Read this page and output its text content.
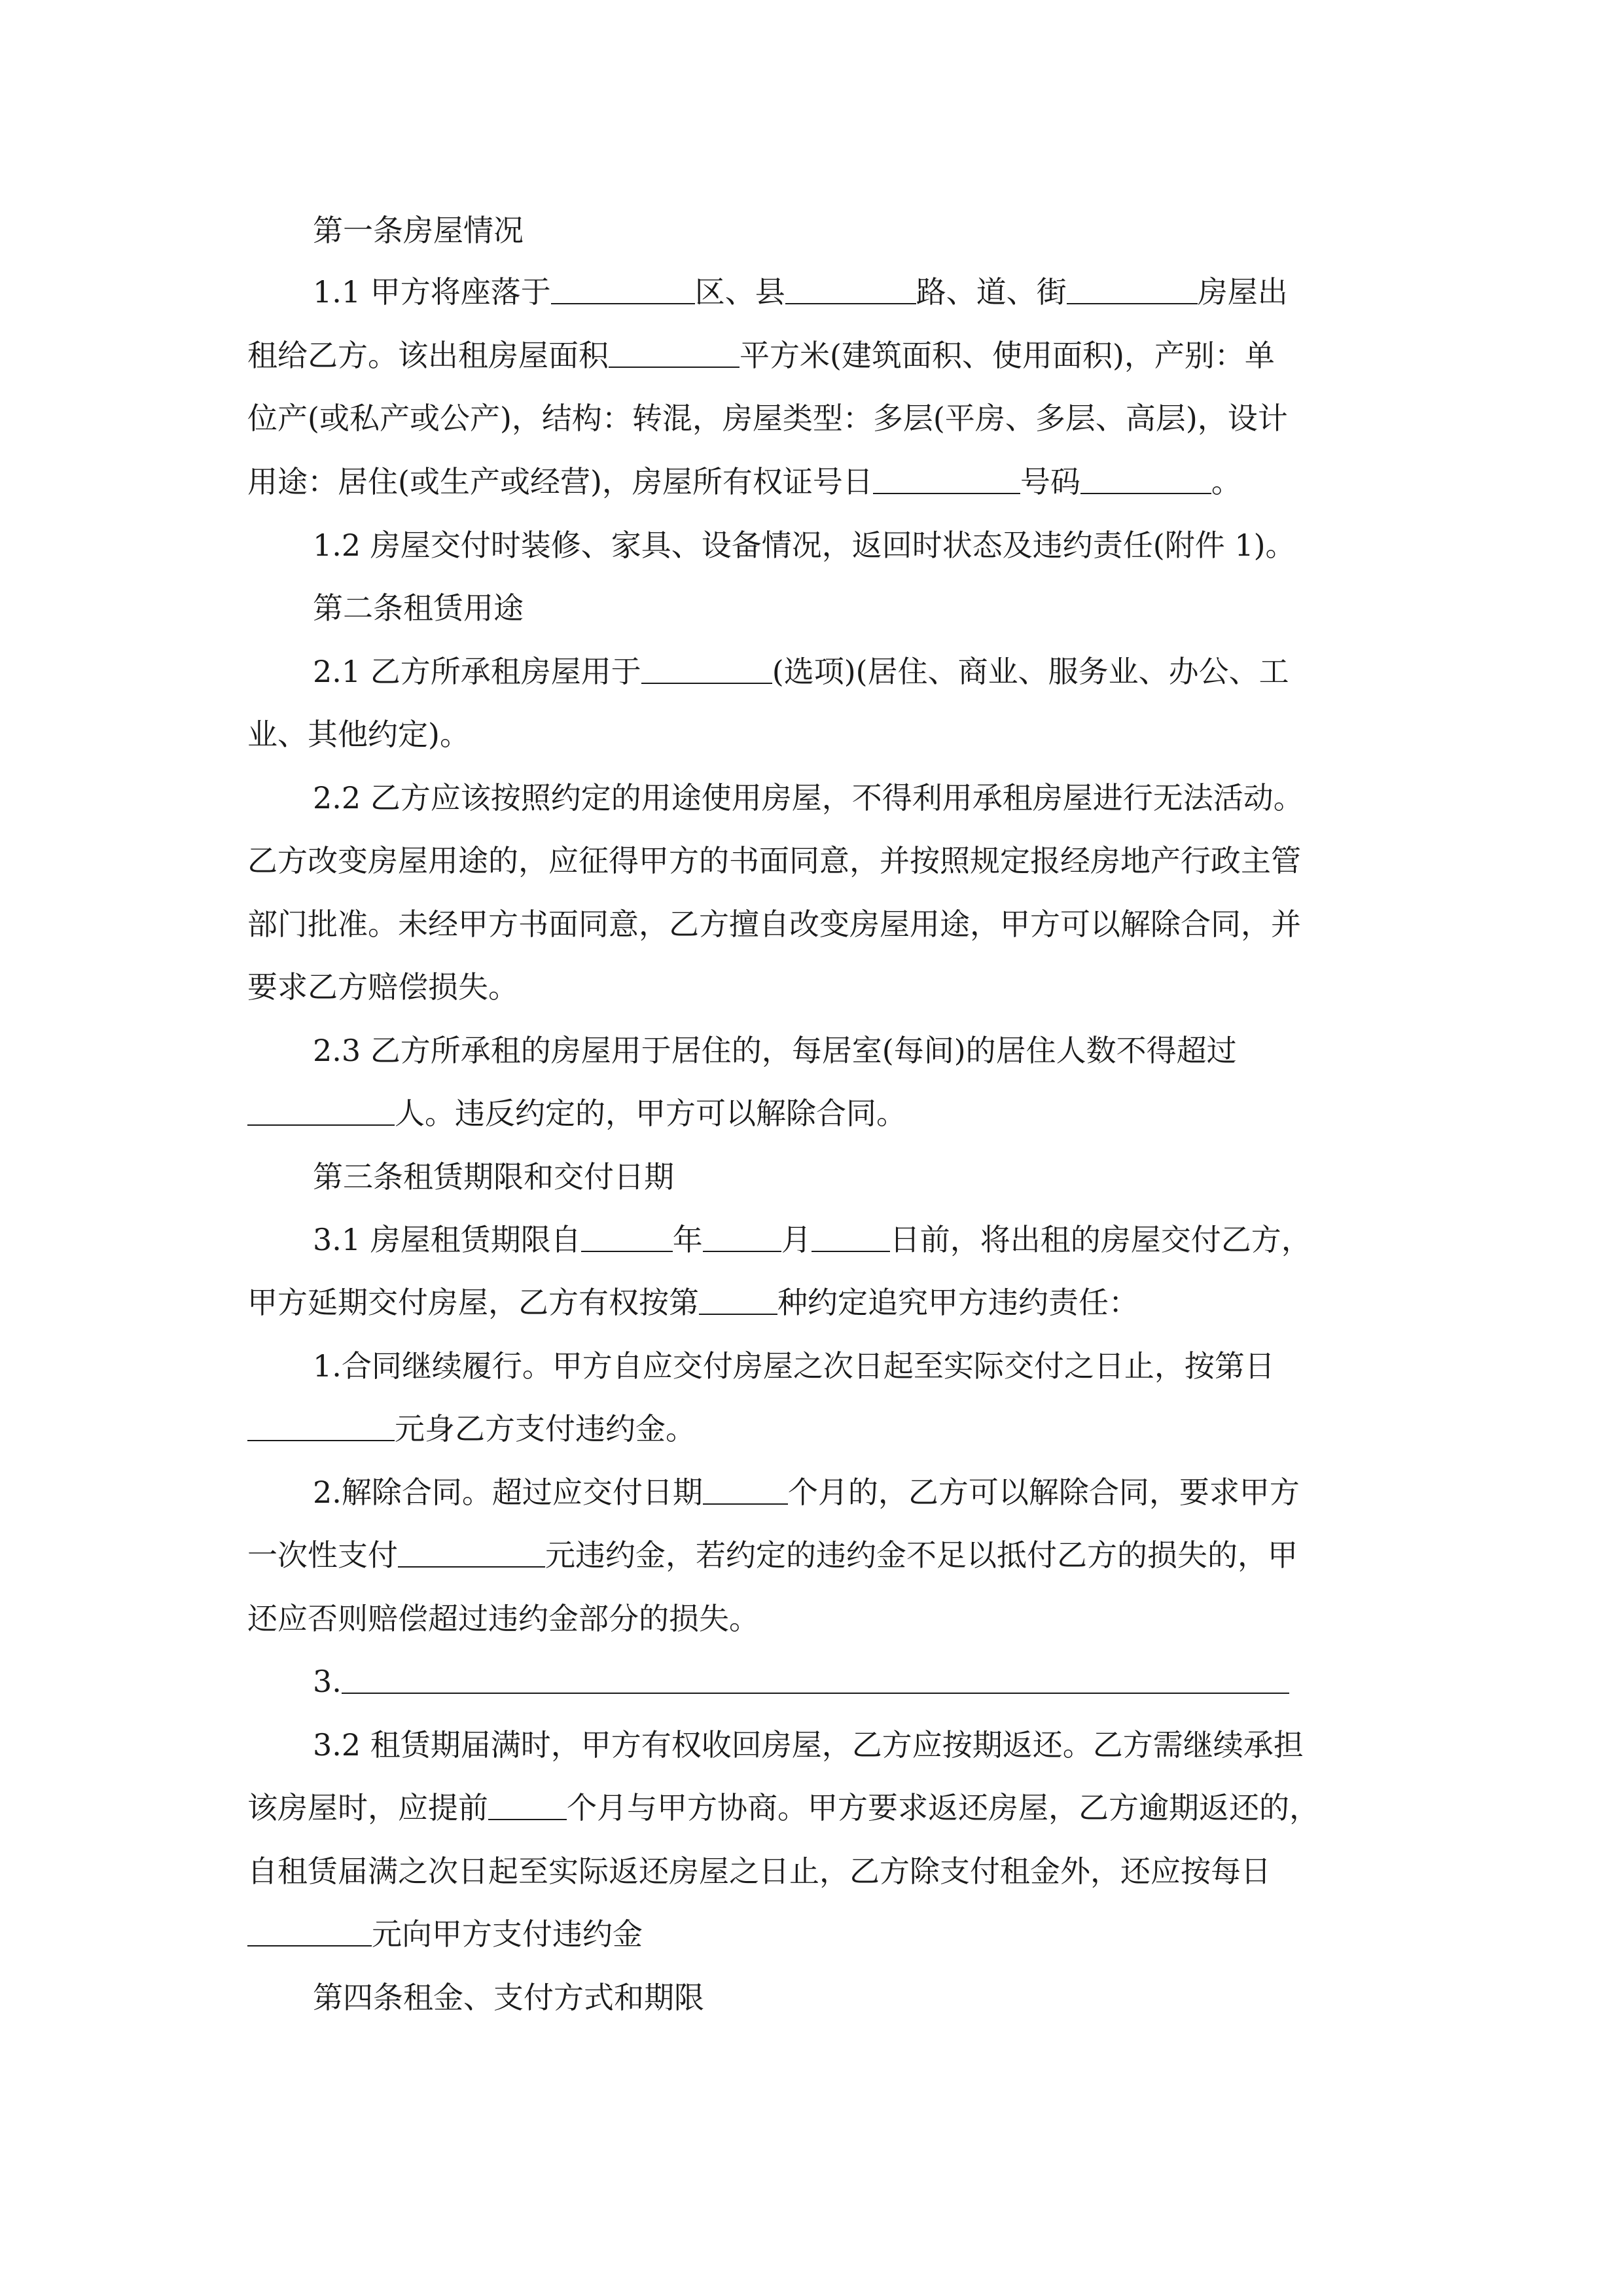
第一条房屋情况
1.1 甲方将座落于	区、县	路、道、街	房屋出
租给乙方。该出租房屋面积	平方米(建筑面积、使用面积)，产别：单
位产(或私产或公产)，结构：转混，房屋类型：多层(平房、多层、高层)，设计
用途：居住(或生产或经营)，房屋所有权证号日	号码	。
1.2 房屋交付时装修、家具、设备情况，返回时状态及违约责任(附件 1)。
第二条租赁用途
2.1 乙方所承租房屋用于	(选项)(居住、商业、服务业、办公、工
业、其他约定)。
2.2 乙方应该按照约定的用途使用房屋，不得利用承租房屋进行无法活动。
乙方改变房屋用途的，应征得甲方的书面同意，并按照规定报经房地产行政主管
部门批准。未经甲方书面同意，乙方擅自改变房屋用途，甲方可以解除合同，并
要求乙方赔偿损失。
2.3 乙方所承租的房屋用于居住的，每居室(每间)的居住人数不得超过
人。违反约定的，甲方可以解除合同。
第三条租赁期限和交付日期
3.1 房屋租赁期限自	年	月	日前，将出租的房屋交付乙方，
甲方延期交付房屋，乙方有权按第	种约定追究甲方违约责任：
1.合同继续履行。甲方自应交付房屋之次日起至实际交付之日止，按第日
元身乙方支付违约金。
2.解除合同。超过应交付日期	个月的，乙方可以解除合同，要求甲方
一次性支付	元违约金，若约定的违约金不足以抵付乙方的损失的，甲
还应否则赔偿超过违约金部分的损失。
3.
3.2 租赁期届满时，甲方有权收回房屋，乙方应按期返还。乙方需继续承担
该房屋时，应提前	个月与甲方协商。甲方要求返还房屋，乙方逾期返还的，
自租赁届满之次日起至实际返还房屋之日止，乙方除支付租金外，还应按每日
元向甲方支付违约金
第四条租金、支付方式和期限
